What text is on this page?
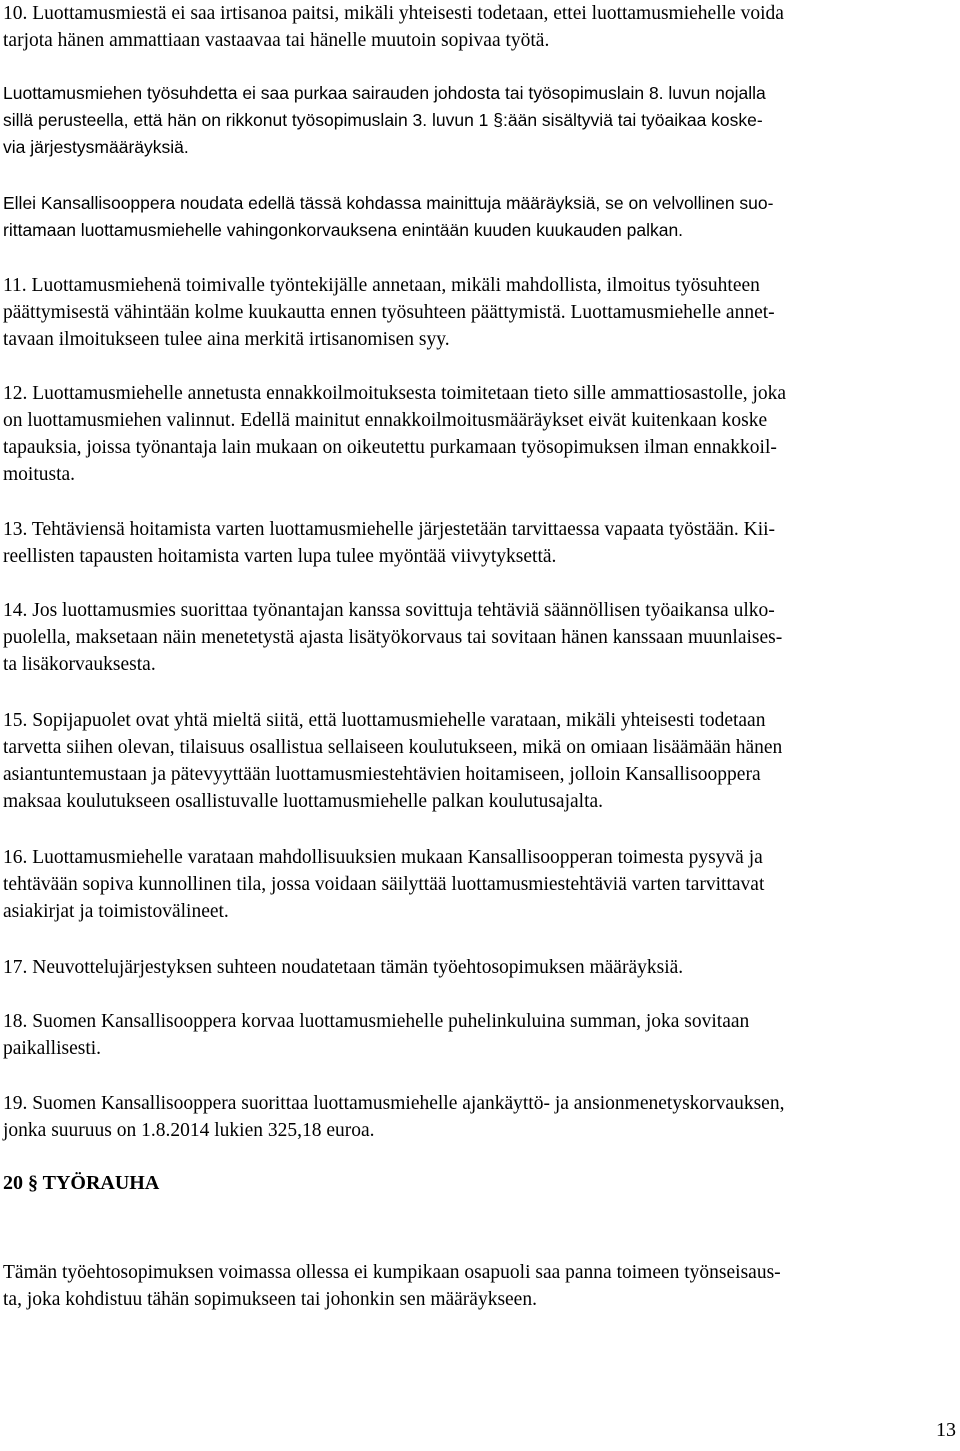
10. Luottamusmiestä ei saa irtisanoa paitsi, mikäli yhteisesti todetaan, ettei luottamusmiehelle voida
tarjota hänen ammattiaan vastaavaa tai hänelle muutoin sopivaa työtä.
Luottamusmiehen työsuhdetta ei saa purkaa sairauden johdosta tai työsopimuslain 8. luvun nojalla
sillä perusteella, että hän on rikkonut työsopimuslain 3. luvun 1 §:ään sisältyviä tai työaikaa koske-
via järjestysmääräyksiä.
Ellei Kansallisooppera noudata edellä tässä kohdassa mainittuja määräyksiä, se on velvollinen suo-
rittamaan luottamusmiehelle vahingonkorvauksena enintään kuuden kuukauden palkan.
11. Luottamusmiehenä toimivalle työntekijälle annetaan, mikäli mahdollista, ilmoitus työsuhteen
päättymisestä vähintään kolme kuukautta ennen työsuhteen päättymistä. Luottamusmiehelle annet-
tavaan ilmoitukseen tulee aina merkitä irtisanomisen syy.
12. Luottamusmiehelle annetusta ennakkoilmoituksesta toimitetaan tieto sille ammattiosastolle, joka
on luottamusmiehen valinnut. Edellä mainitut ennakkoilmoitusmääräykset eivät kuitenkaan koske
tapauksia, joissa työnantaja lain mukaan on oikeutettu purkamaan työsopimuksen ilman ennakkoil-
moitusta.
13. Tehtäviensä hoitamista varten luottamusmiehelle järjestetään tarvittaessa vapaata työstään. Kii-
reellisten tapausten hoitamista varten lupa tulee myöntää viivytyksettä.
14. Jos luottamusmies suorittaa työnantajan kanssa sovittuja tehtäviä säännöllisen työaikansa ulko-
puolella, maksetaan näin menetetystä ajasta lisätyökorvaus tai sovitaan hänen kanssaan muunlaises-
ta lisäkorvauksesta.
15. Sopijapuolet ovat yhtä mieltä siitä, että luottamusmiehelle varataan, mikäli yhteisesti todetaan
tarvetta siihen olevan, tilaisuus osallistua sellaiseen koulutukseen, mikä on omiaan lisäämään hänen
asiantuntemustaan ja pätevyyttään luottamusmiestehtävien hoitamiseen, jolloin Kansallisooppera
maksaa koulutukseen osallistuvalle luottamusmiehelle palkan koulutusajalta.
16. Luottamusmiehelle varataan mahdollisuuksien mukaan Kansallisoopperan toimesta pysyvä ja
tehtävään sopiva kunnollinen tila, jossa voidaan säilyttää luottamusmiestehtäviä varten tarvittavat
asiakirjat ja toimistovälineet.
17. Neuvottelujärjestyksen suhteen noudatetaan tämän työehtosopimuksen määräyksiä.
18. Suomen Kansallisooppera korvaa luottamusmiehelle puhelinkuluina summan, joka sovitaan
paikallisesti.
19. Suomen Kansallisooppera suorittaa luottamusmiehelle ajankäyttö- ja ansionmenetyskorvauksen,
jonka suuruus on 1.8.2014 lukien 325,18 euroa.
20 § TYÖRAUHA
Tämän työehtosopimuksen voimassa ollessa ei kumpikaan osapuoli saa panna toimeen työnseisaus-
ta, joka kohdistuu tähän sopimukseen tai johonkin sen määräykseen.
13
